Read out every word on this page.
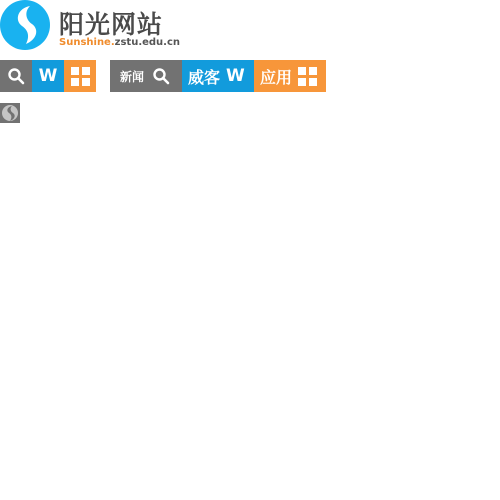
阳光网站
Sunshine.zstu.edu.cn
W	新闻	威客 W 应用
